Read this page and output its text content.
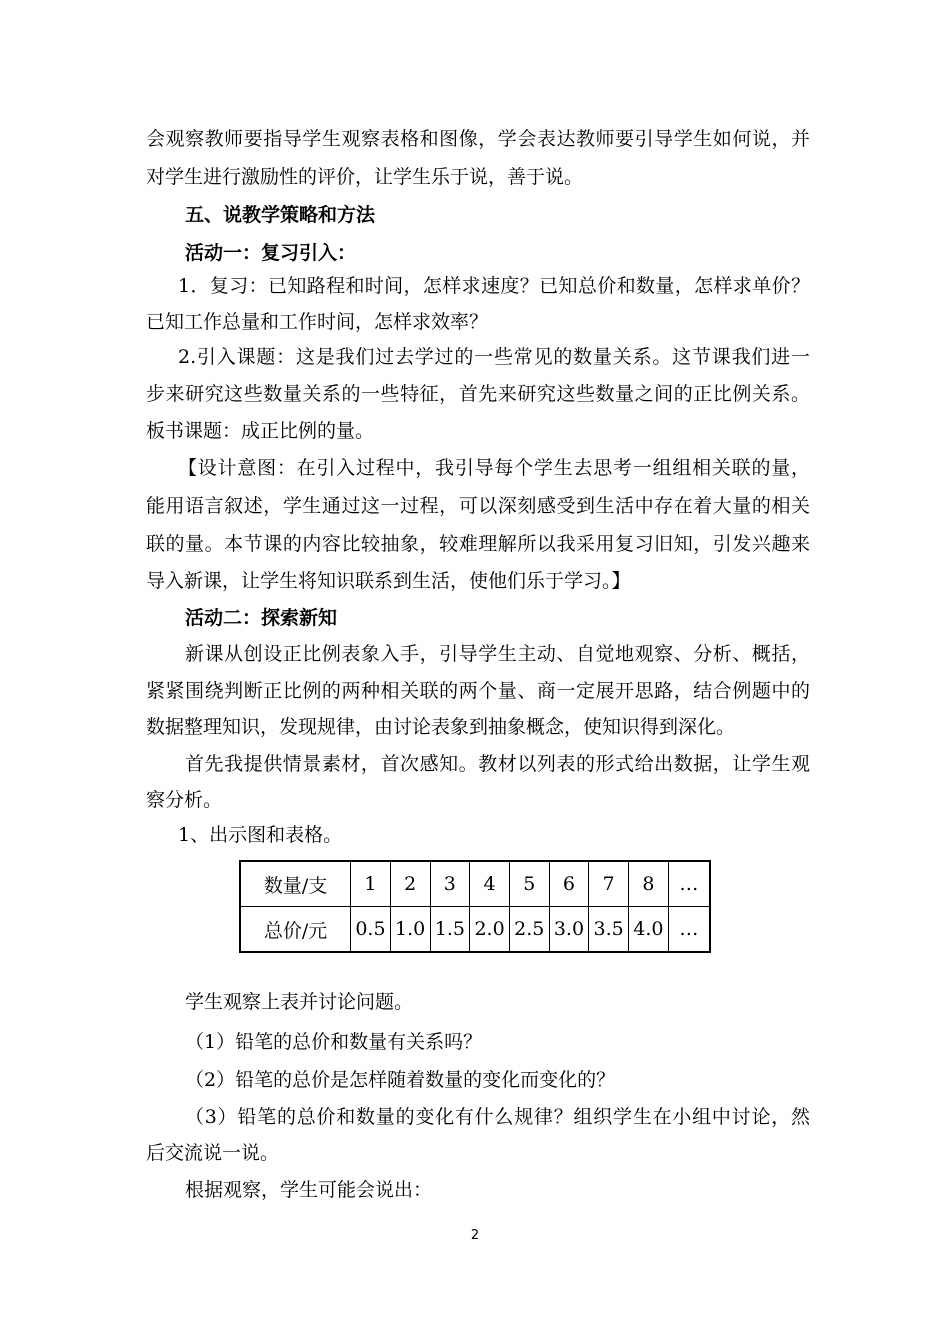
会观察教师要指导学生观察表格和图像，学会表达教师要引导学生如何说，并
对学生进行激励性的评价，让学生乐于说，善于说。
五、说教学策略和方法
活动一：复习引入：
1．复习：已知路程和时间，怎样求速度？已知总价和数量，怎样求单价？
已知工作总量和工作时间，怎样求效率？
2.引入课题：这是我们过去学过的一些常见的数量关系。这节课我们进一
步来研究这些数量关系的一些特征，首先来研究这些数量之间的正比例关系。
板书课题：成正比例的量。
【设计意图：在引入过程中，我引导每个学生去思考一组组相关联的量，
能用语言叙述，学生通过这一过程，可以深刻感受到生活中存在着大量的相关
联的量。本节课的内容比较抽象，较难理解所以我采用复习旧知，引发兴趣来
导入新课，让学生将知识联系到生活，使他们乐于学习。】
活动二：探索新知
新课从创设正比例表象入手，引导学生主动、自觉地观察、分析、概括，
紧紧围绕判断正比例的两种相关联的两个量、商一定展开思路，结合例题中的
数据整理知识，发现规律，由讨论表象到抽象概念，使知识得到深化。
首先我提供情景素材，首次感知。教材以列表的形式给出数据，让学生观
察分析。
1、出示图和表格。
数量/支	1	2	3	4	5	6	7	8	…
总价/元	0.5	1.0	1.5	2.0	2.5	3.0	3.5	4.0	…
学生观察上表并讨论问题。
（1）铅笔的总价和数量有关系吗？
（2）铅笔的总价是怎样随着数量的变化而变化的？
（3）铅笔的总价和数量的变化有什么规律？组织学生在小组中讨论，然
后交流说一说。
根据观察，学生可能会说出：
2
